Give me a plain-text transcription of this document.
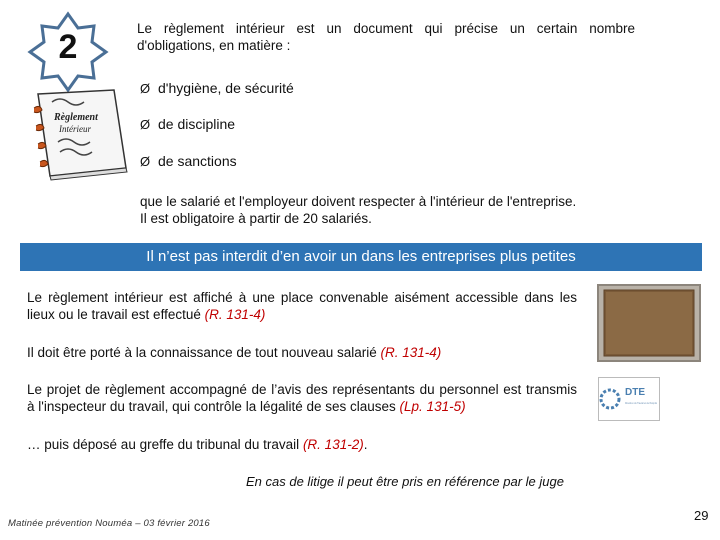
2
Règlement
Intérieur
Le règlement intérieur est un document qui précise un certain nombre d'obligations, en matière :
Ø d'hygiène, de sécurité
Ø de discipline
Ø de sanctions
que le salarié et l'employeur doivent respecter à l'intérieur de l'entreprise.
Il est obligatoire à partir de 20 salariés.
Il n’est pas interdit d’en avoir un dans les entreprises plus petites
Le règlement intérieur est affiché à une place convenable aisément accessible dans les lieux ou le travail est effectué (R. 131-4)
Il doit être porté à la connaissance de tout nouveau salarié (R. 131-4)
Le projet de règlement accompagné de l’avis des représentants du personnel est transmis à l'inspecteur du travail, qui contrôle la légalité de ses clauses (Lp. 131-5)
… puis déposé au greffe du tribunal du travail (R. 131-2).
DTE
Direction du Travail et de l'Emploi
En cas de litige il peut être pris en référence par le juge
Matinée prévention Nouméa – 03 février 2016
29
